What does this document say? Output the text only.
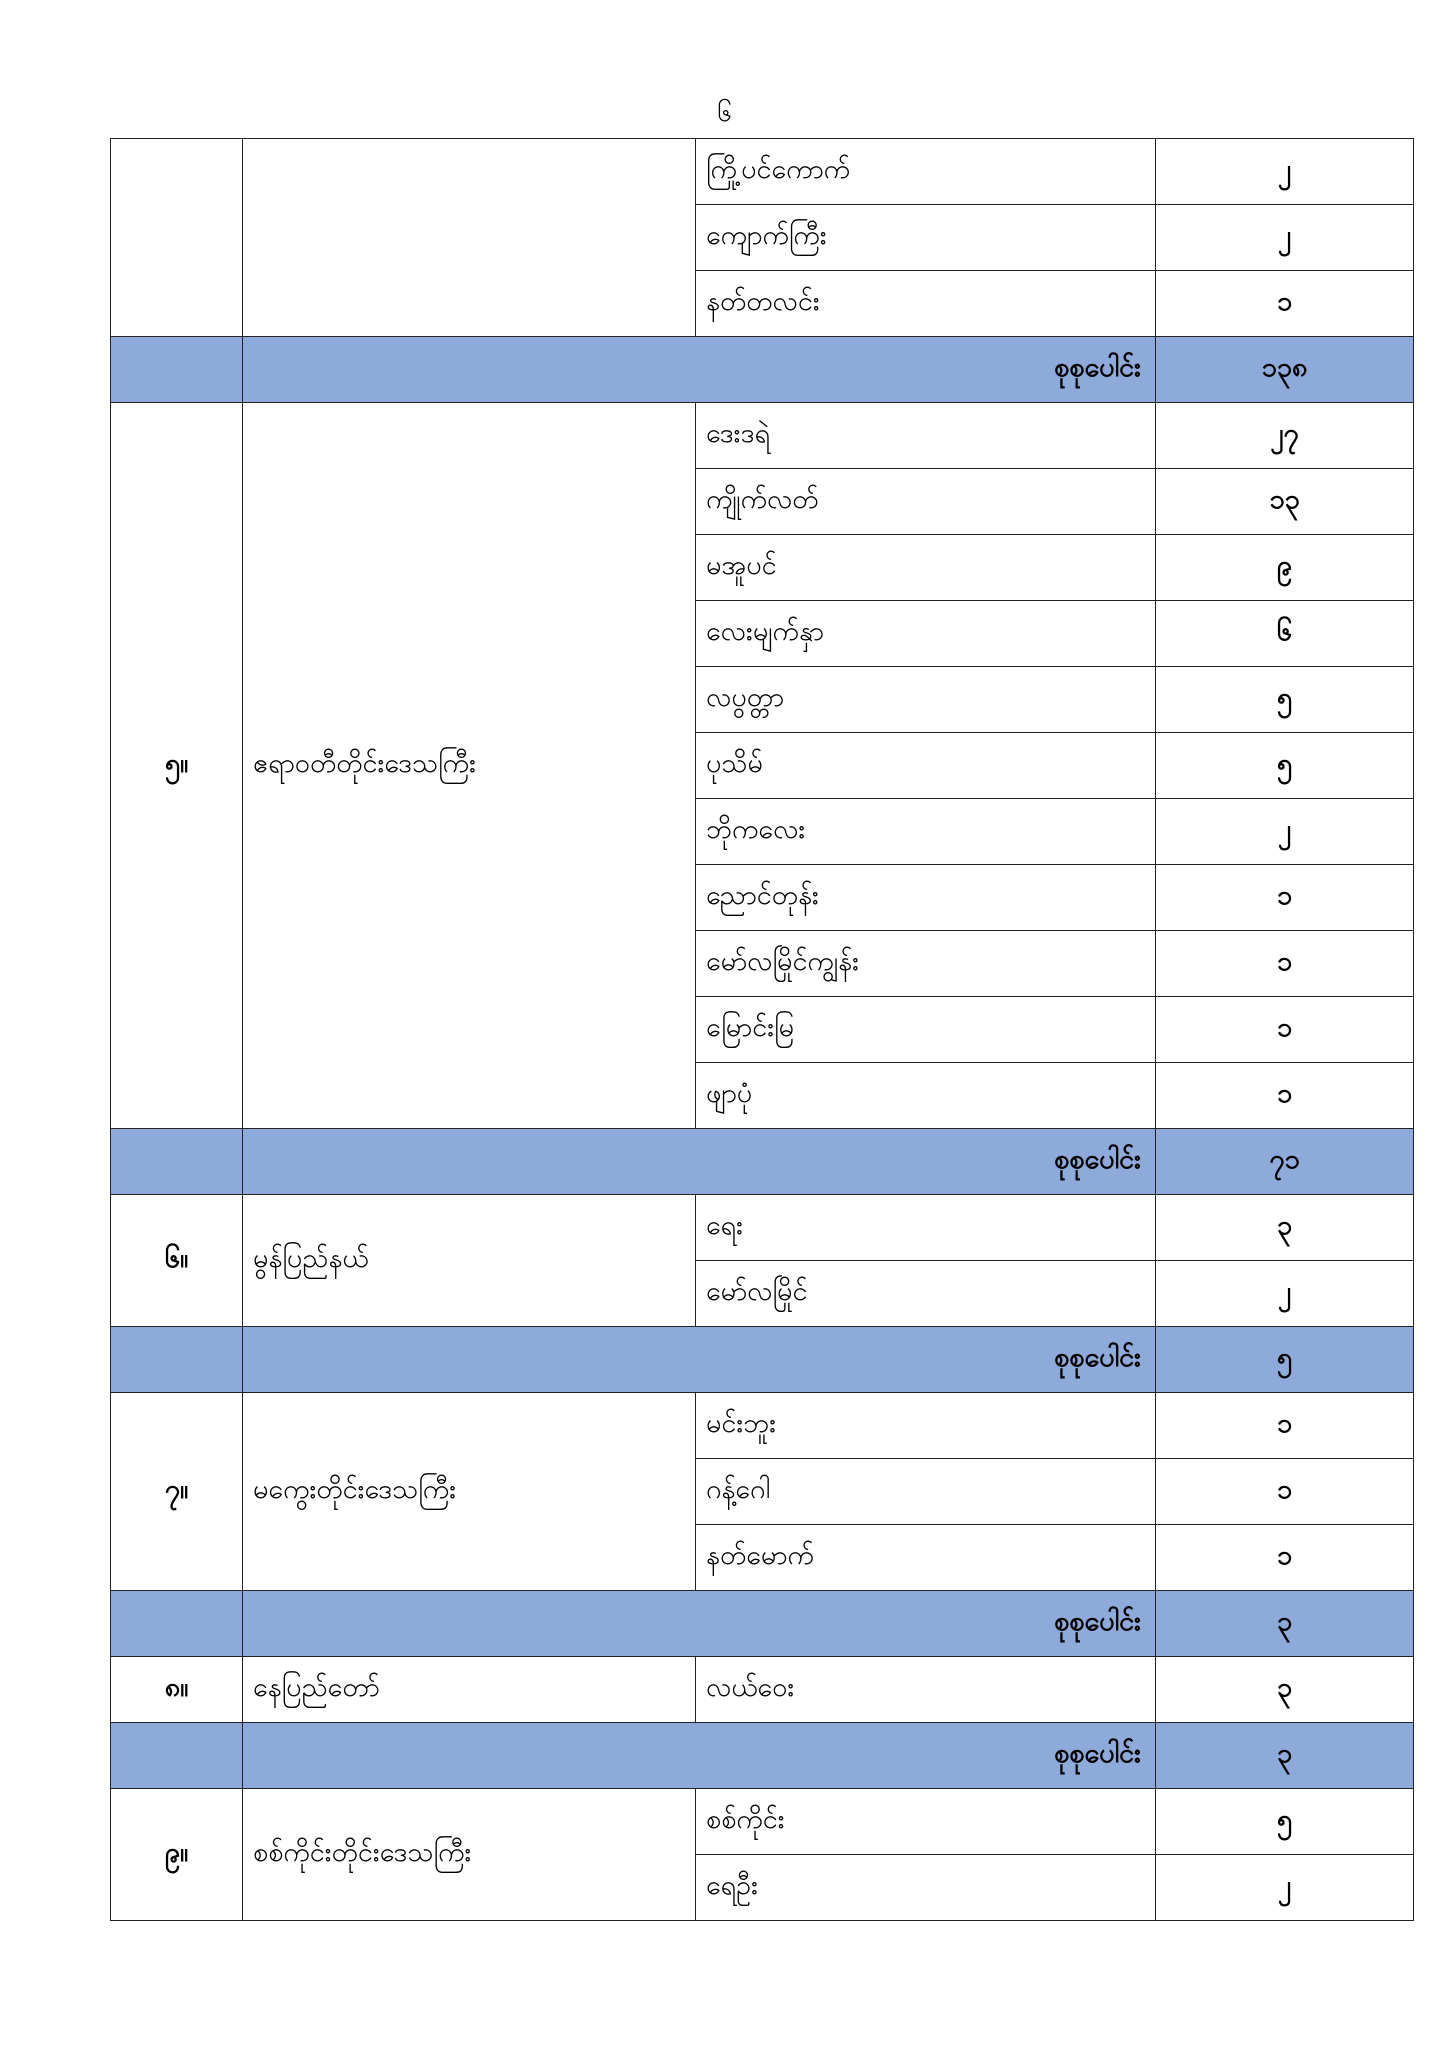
၆
		ကြို့ပင်ကောက်	၂
		ကျောက်ကြီး	၂
		နတ်တလင်း	၁
	စုစုပေါင်း		၁၃၈
၅။	ဧရာဝတီတိုင်းဒေသကြီး	ဒေးဒရဲ	၂၇
		ကျိုက်လတ်	၁၃
		မအူပင်	၉
		လေးမျက်နှာ	၆
		လပွတ္တာ	၅
		ပုသိမ်	၅
		ဘိုကလေး	၂
		ညောင်တုန်း	၁
		မော်လမြိုင်ကျွန်း	၁
		မြောင်းမြ	၁
		ဖျာပုံ	၁
	စုစုပေါင်း		၇၁
၆။	မွန်ပြည်နယ်	ရေး	၃
		မော်လမြိုင်	၂
	စုစုပေါင်း		၅
၇။	မကွေးတိုင်းဒေသကြီး	မင်းဘူး	၁
		ဂန့်ဂေါ	၁
		နတ်မောက်	၁
	စုစုပေါင်း		၃
၈။	နေပြည်တော်	လယ်ဝေး	၃
	စုစုပေါင်း		၃
၉။	စစ်ကိုင်းတိုင်းဒေသကြီး	စစ်ကိုင်း	၅
		ရေဦး	၂
